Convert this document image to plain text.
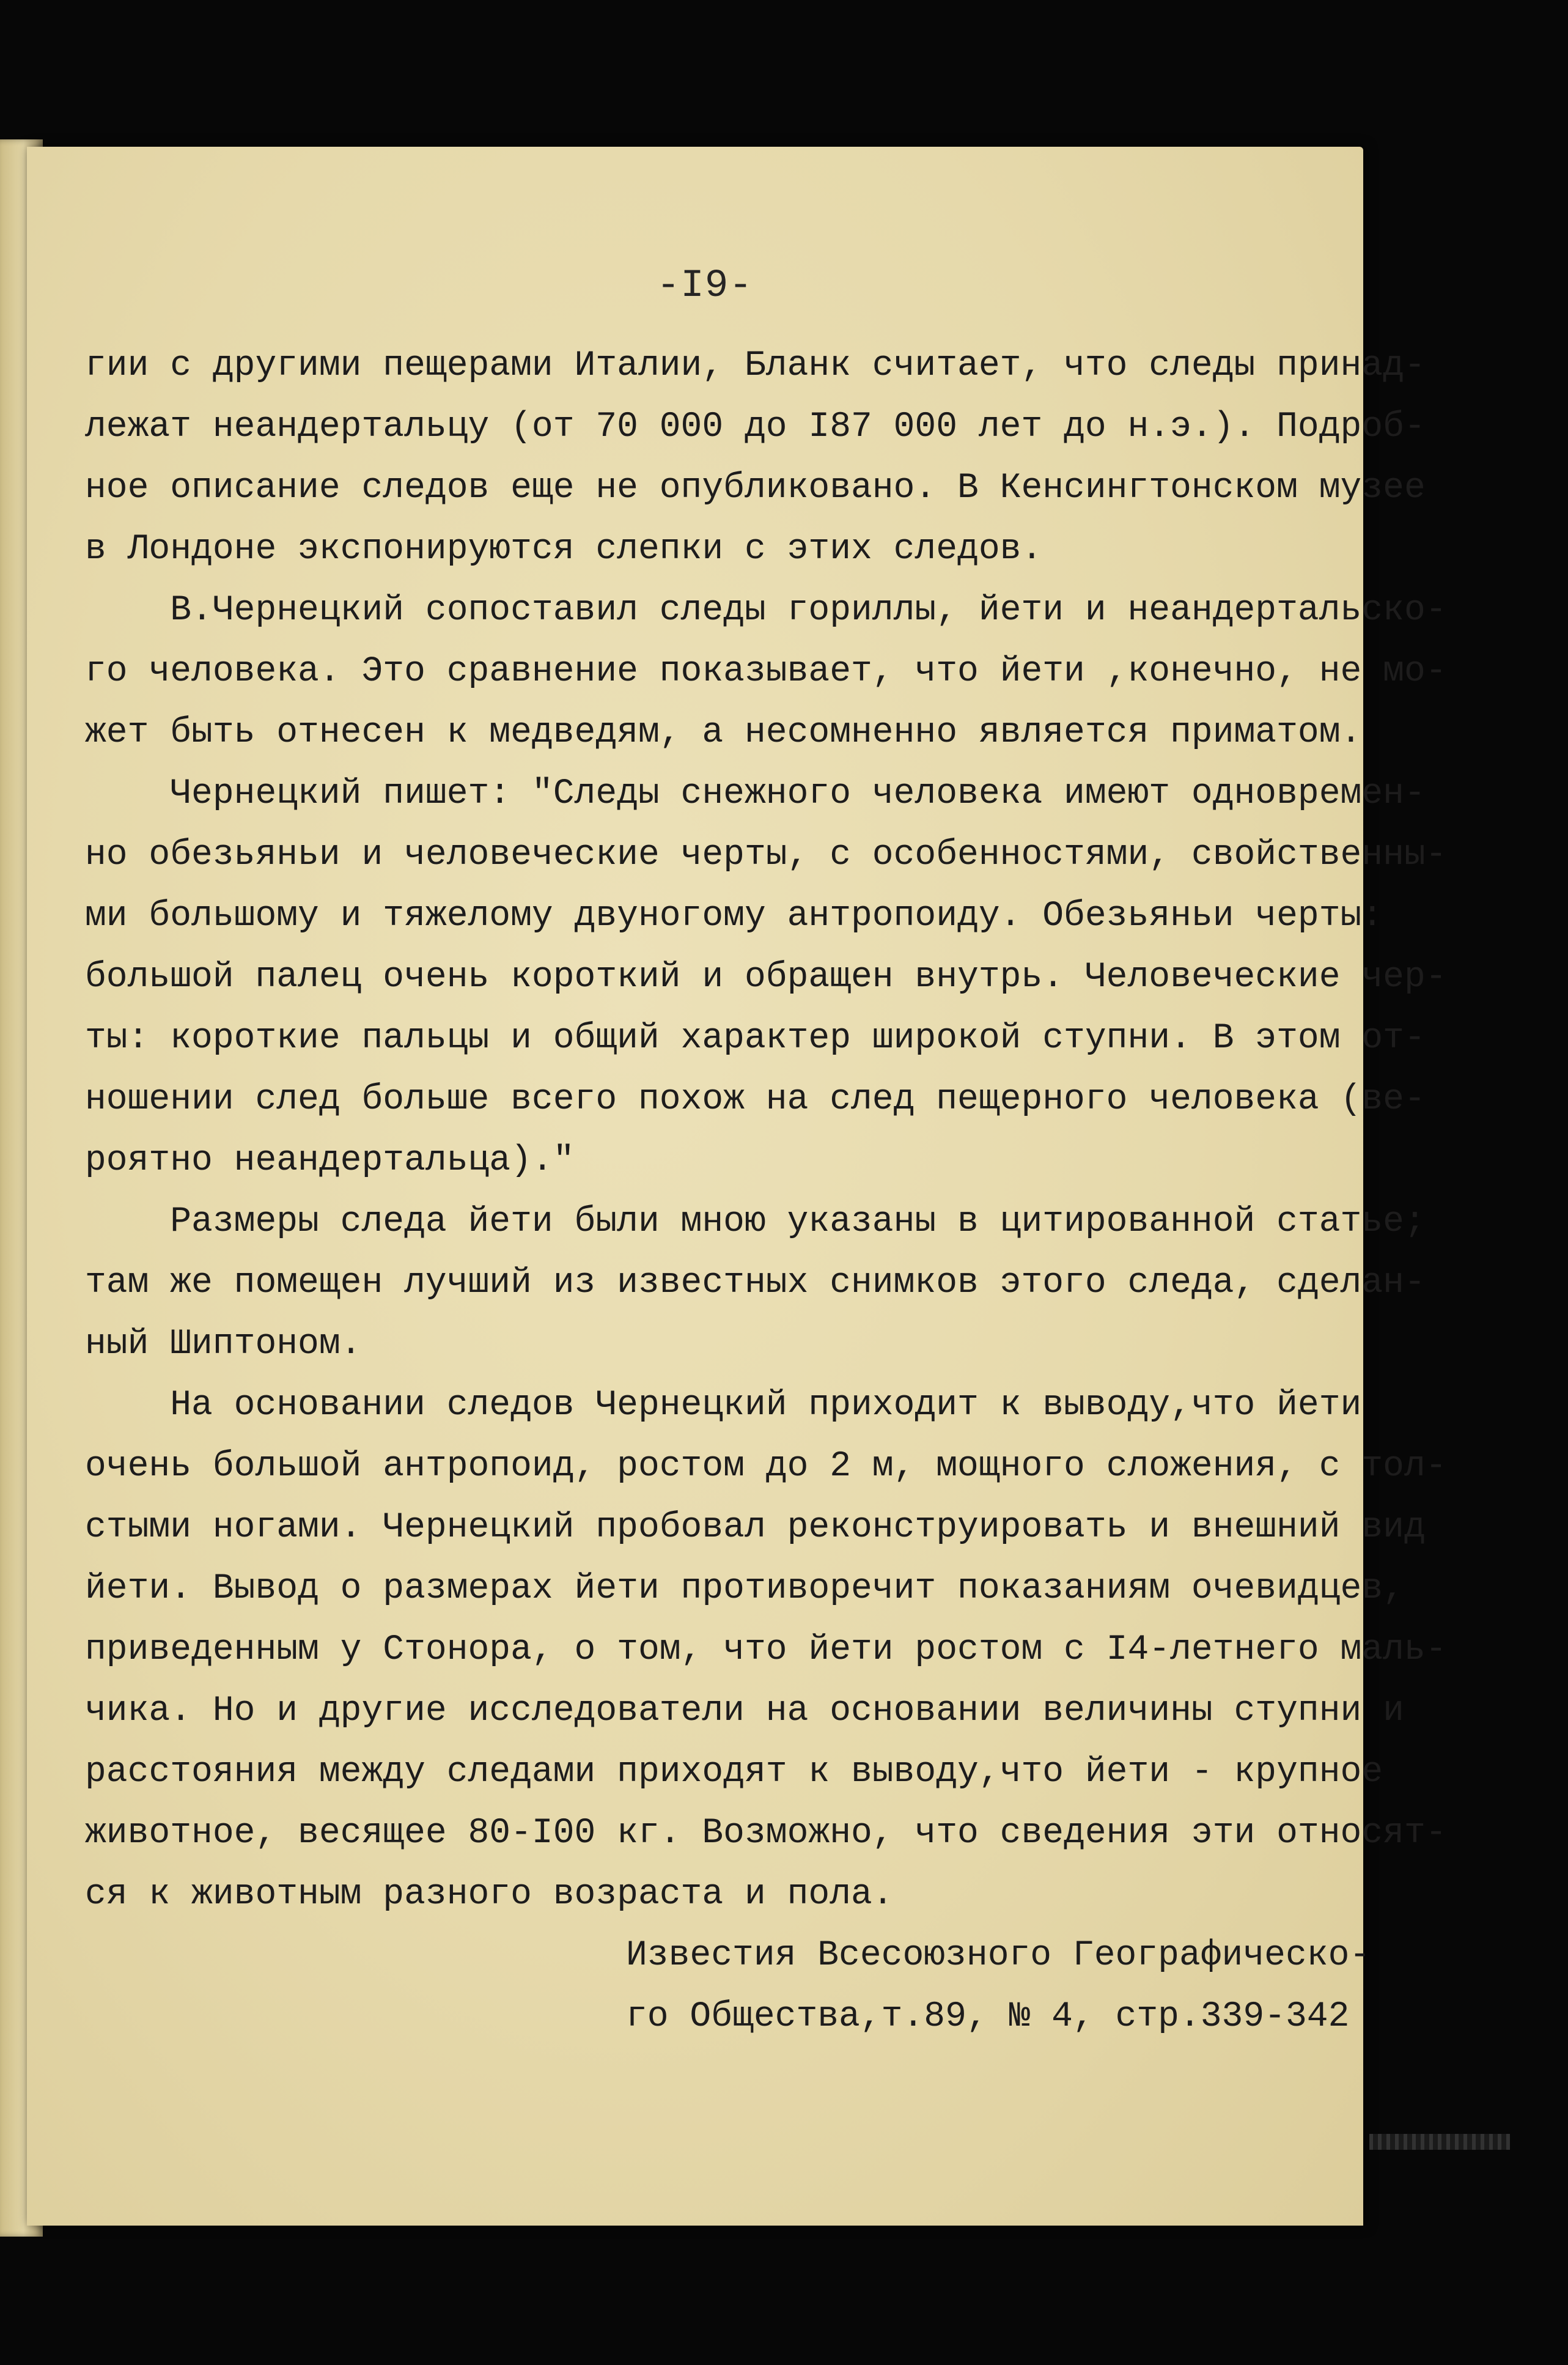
-I9-
гии с другими пещерами Италии, Бланк считает, что следы принад-
лежат неандертальцу (от 70 000 до I87 000 лет до н.э.). Подроб-
ное описание следов еще не опубликовано. В Кенсингтонском музее
в Лондоне экспонируются слепки с этих следов.
В.Чернецкий сопоставил следы гориллы, йети и неандертальско-
го человека. Это сравнение показывает, что йети ,конечно, не мо-
жет быть отнесен к медведям, а несомненно является приматом.
Чернецкий пишет: "Следы снежного человека имеют одновремен-
но обезьяньи и человеческие черты, с особенностями, свойственны-
ми большому и тяжелому двуногому антропоиду. Обезьяньи черты:
большой палец очень короткий и обращен внутрь. Человеческие чер-
ты: короткие пальцы и общий характер широкой ступни. В этом от-
ношении след больше всего похож на след пещерного человека (ве-
роятно неандертальца)."
Размеры следа йети были мною указаны в цитированной статье;
там же помещен лучший из известных снимков этого следа, сделан-
ный Шиптоном.
На основании следов Чернецкий приходит к выводу,что йети
очень большой антропоид, ростом до 2 м, мощного сложения, с тол-
стыми ногами. Чернецкий пробовал реконструировать и внешний вид
йети. Вывод о размерах йети противоречит показаниям очевидцев,
приведенным у Стонора, о том, что йети ростом с I4-летнего маль-
чика. Но и другие исследователи на основании величины ступни и
расстояния между следами приходят к выводу,что йети - крупное
животное, весящее 80-I00 кг. Возможно, что сведения эти относят-
ся к животным разного возраста и пола.
Известия Всесоюзного Географическо-
го Общества,т.89, № 4, стр.339-342
